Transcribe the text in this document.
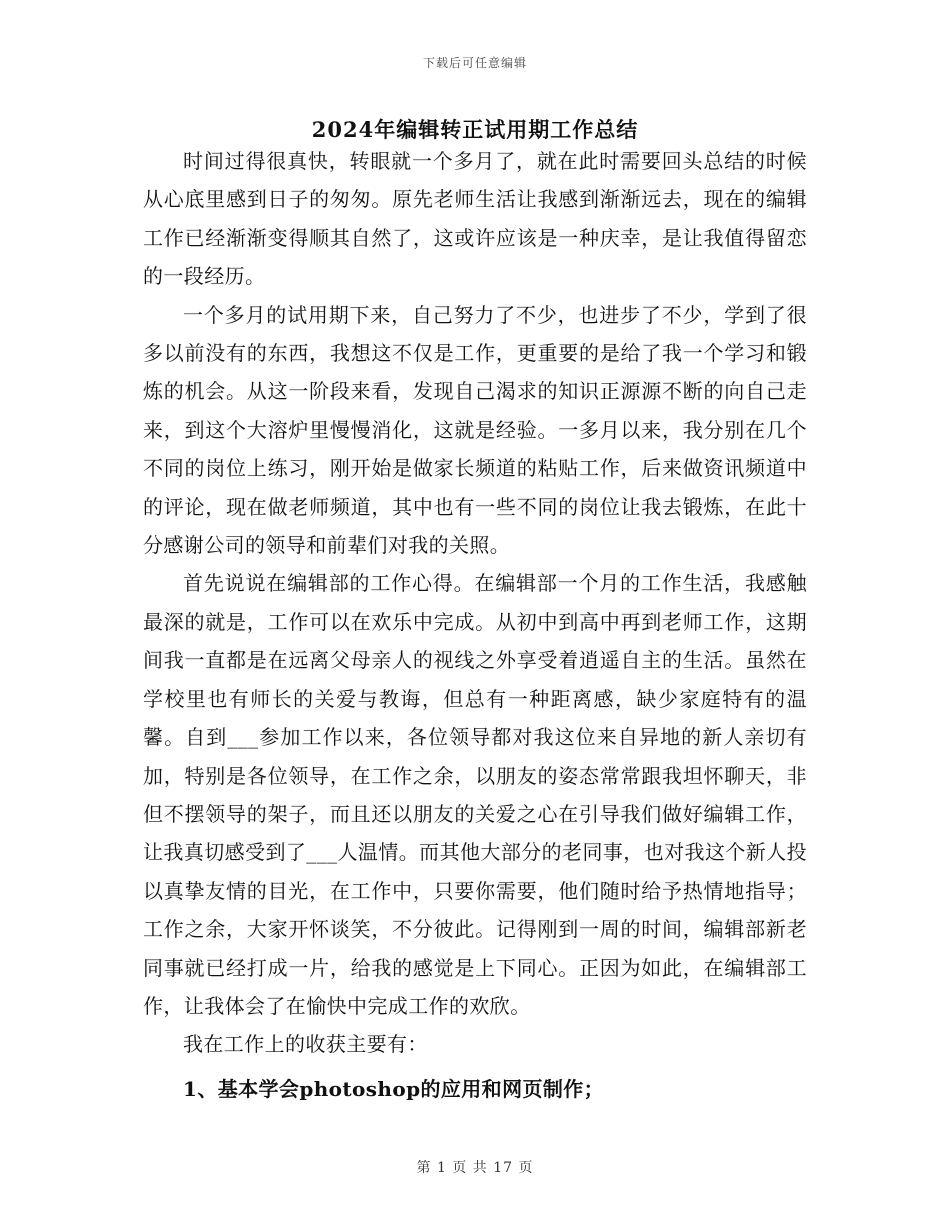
下载后可任意编辑
2024年编辑转正试用期工作总结

时间过得很真快，转眼就一个多月了，就在此时需要回头总结的时候从心底里感到日子的匆匆。原先老师生活让我感到渐渐远去，现在的编辑工作已经渐渐变得顺其自然了，这或许应该是一种庆幸，是让我值得留恋的一段经历。

一个多月的试用期下来，自己努力了不少，也进步了不少，学到了很多以前没有的东西，我想这不仅是工作，更重要的是给了我一个学习和锻炼的机会。从这一阶段来看，发现自己渴求的知识正源源不断的向自己走来，到这个大溶炉里慢慢消化，这就是经验。一多月以来，我分别在几个不同的岗位上练习，刚开始是做家长频道的粘贴工作，后来做资讯频道中的评论，现在做老师频道，其中也有一些不同的岗位让我去锻炼，在此十分感谢公司的领导和前辈们对我的关照。

首先说说在编辑部的工作心得。在编辑部一个月的工作生活，我感触最深的就是，工作可以在欢乐中完成。从初中到高中再到老师工作，这期间我一直都是在远离父母亲人的视线之外享受着逍遥自主的生活。虽然在学校里也有师长的关爱与教诲，但总有一种距离感，缺少家庭特有的温馨。自到___参加工作以来，各位领导都对我这位来自异地的新人亲切有加，特别是各位领导，在工作之余，以朋友的姿态常常跟我坦怀聊天，非但不摆领导的架子，而且还以朋友的关爱之心在引导我们做好编辑工作，让我真切感受到了___人温情。而其他大部分的老同事，也对我这个新人投以真挚友情的目光，在工作中，只要你需要，他们随时给予热情地指导；工作之余，大家开怀谈笑，不分彼此。记得刚到一周的时间，编辑部新老同事就已经打成一片，给我的感觉是上下同心。正因为如此，在编辑部工作，让我体会了在愉快中完成工作的欢欣。

我在工作上的收获主要有：

1、基本学会photoshop的应用和网页制作；

第 1 页 共 17 页
